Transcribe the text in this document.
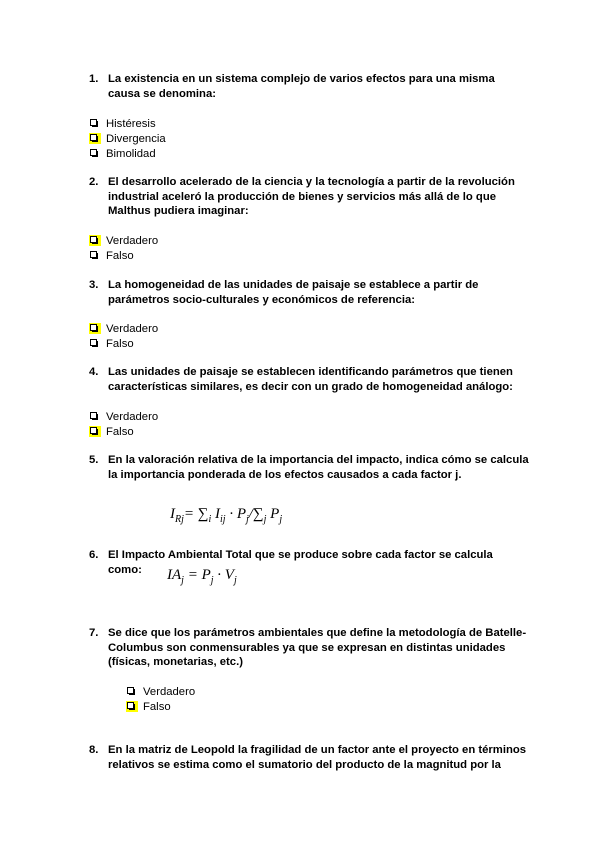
1. La existencia en un sistema complejo de varios efectos para una misma causa se denomina:
Histéresis
Divergencia
Bimolidad
2. El desarrollo acelerado de la ciencia y la tecnología a partir de la revolución industrial aceleró la producción de bienes y servicios más allá de lo que Malthus pudiera imaginar:
Verdadero
Falso
3. La homogeneidad de las unidades de paisaje se establece a partir de parámetros socio-culturales y económicos de referencia:
Verdadero
Falso
4. Las unidades de paisaje se establecen identificando parámetros que tienen características similares, es decir con un grado de homogeneidad análogo:
Verdadero
Falso
5. En la valoración relativa de la importancia del impacto, indica cómo se calcula la importancia ponderada de los efectos causados a cada factor j.
$I_{Rj}= \sum_i$ $I_{ij} \cdot P_j/\sum_j$ $P_j$
6. El Impacto Ambiental Total que se produce sobre cada factor se calcula como:	$IA_j = P_j \cdot V_j$
7. Se dice que los parámetros ambientales que define la metodología de Batelle-Columbus son conmensurables ya que se expresan en distintas unidades (físicas, monetarias, etc.)
Verdadero
Falso
8. En la matriz de Leopold la fragilidad de un factor ante el proyecto en términos relativos se estima como el sumatorio del producto de la magnitud por la
